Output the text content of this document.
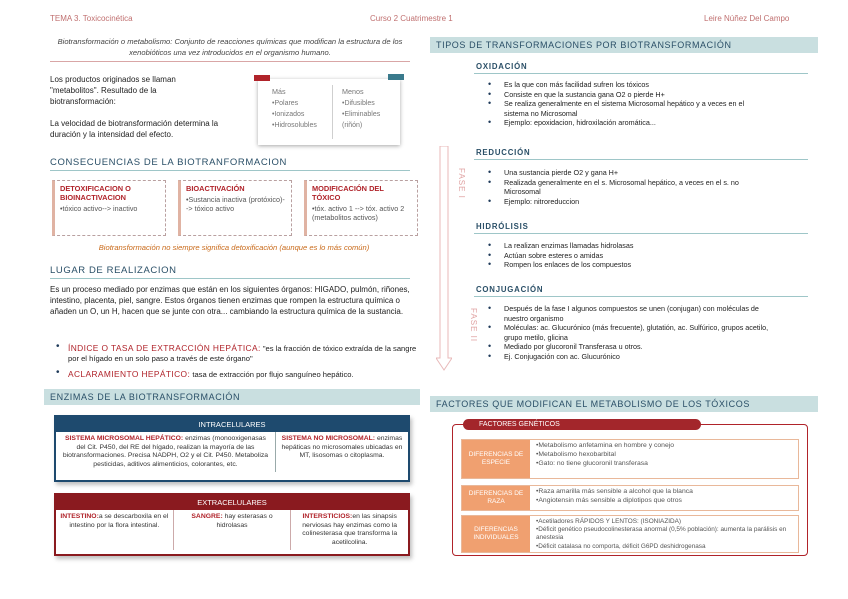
TEMA 3. Toxicocinética	Curso 2 Cuatrimestre 1	Leire Núñez Del Campo
Biotransformación o metabolismo: Conjunto de reacciones químicas que modifican la estructura de los xenobióticos una vez introducidos en el organismo humano.
Los productos originados se llaman "metabolitos". Resultado de la biotransformación:
La velocidad de biotransformación determina la duración y la intensidad del efecto.
Más
•Polares
•Ionizados
•Hidrosolubles
Menos
•Difusibles
•Eliminables (riñón)
CONSECUENCIAS DE LA BIOTRANFORMACION
DETOXIFICACION O BIOINACTIVACION
•tóxico activo--> inactivo
BIOACTIVACIÓN
•Sustancia inactiva (protóxico)--> tóxico activo
MODIFICACIÓN DEL TÓXICO
•tóx. activo 1 --> tóx. activo 2 (metabolitos activos)
Biotransformación no siempre significa detoxificación (aunque es lo más común)
LUGAR DE REALIZACION
Es un proceso mediado por enzimas que están en los siguientes órganos: HIGADO, pulmón, riñones, intestino, placenta, piel, sangre. Estos órganos tienen enzimas que rompen la estructura química o añaden un O, un H, hacen que se junte con otra... cambiando la estructura química de la sustancia.
• ÍNDICE O TASA DE EXTRACCIÓN HEPÁTICA: "es la fracción de tóxico extraída de la sangre por el hígado en un solo paso a través de este órgano"
• ACLARAMIENTO HEPÁTICO: tasa de extracción por flujo sanguíneo hepático.
ENZIMAS DE LA BIOTRANSFORMACIÓN
INTRACELULARES
SISTEMA MICROSOMAL HEPÁTICO: enzimas (monooxigenasas del Cit. P450, del RE del hígado, realizan la mayoría de las biotransformaciones. Precisa NADPH, O2 y el Cit. P450. Metaboliza pesticidas, aditivos alimenticios, colorantes, etc.
SISTEMA NO MICROSOMAL: enzimas hepáticas no microsomales ubicadas en MT, lisosomas o citoplasma.
EXTRACELULARES
INTESTINO:a se descarboxila en el intestino por la flora intestinal.
SANGRE: hay esterasas o hidrolasas
INTERSTICIOS:en las sinapsis nerviosas hay enzimas como la colinesterasa que transforma la acetilcolina.
TIPOS DE TRANSFORMACIONES POR BIOTRANSFORMACIÓN
FASE I
FASE II
OXIDACIÓN
• Es la que con más facilidad sufren los tóxicos
• Consiste en que la sustancia gana O2 o pierde H+
• Se realiza generalmente en el sistema Microsomal hepático y a veces en el sistema no Microsomal
• Ejemplo: epoxidacion, hidroxilación aromática...
REDUCCIÓN
• Una sustancia pierde O2 y gana H+
• Realizada generalmente en el s. Microsomal hepático, a veces en el s. no Microsomal
• Ejemplo: nitroreduccion
HIDRÓLISIS
• La realizan enzimas llamadas hidrolasas
• Actúan sobre esteres o amidas
• Rompen los enlaces de los compuestos
CONJUGACIÓN
• Después de la fase I algunos compuestos se unen (conjugan) con moléculas de nuestro organismo
• Moléculas: ac. Glucurónico (más frecuente), glutatión, ac. Sulfúrico, grupos acetilo, grupo metilo, glicina
• Mediado por glucoronil Transferasa u otros.
• Ej. Conjugación con ac. Glucurónico
FACTORES QUE MODIFICAN EL METABOLISMO DE LOS TÓXICOS
FACTORES GENÉTICOS
DIFERENCIAS DE ESPECIE
•Metabolismo anfetamina en hombre y conejo
•Metabolismo hexobarbital
•Gato: no tiene glucoronil transferasa
DIFERENCIAS DE RAZA
•Raza amarilla más sensible a alcohol que la blanca
•Angiotensin más sensible a diplotipos que otros
DIFERENCIAS INDIVIDUALES
•Acetiladores RÁPIDOS Y LENTOS: (ISONIAZIDA)
•Déficit genético pseudocolinesterasa anormal (0,5% población): aumenta la parálisis en anestesia
•Déficit catalasa no comporta, déficit G6PD deshidrogenasa
